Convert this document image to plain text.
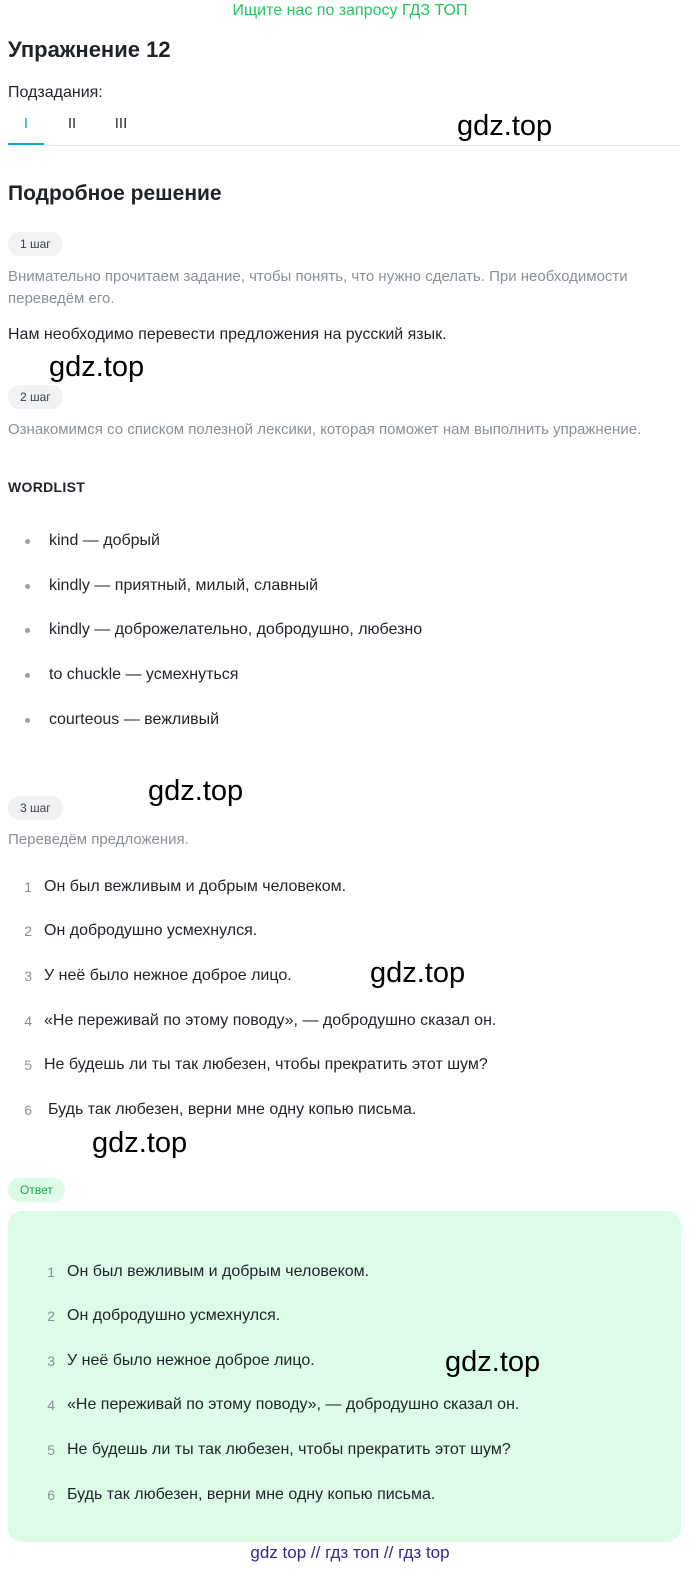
Ищите нас по запросу ГДЗ ТОП
Упражнение 12
Подзадания:
I	II	III	gdz.top
Подробное решение
1 шаг
Внимательно прочитаем задание, чтобы понять, что нужно сделать. При необходимости переведём его.
Нам необходимо перевести предложения на русский язык.
gdz.top
2 шаг
Ознакомимся со списком полезной лексики, которая поможет нам выполнить упражнение.
WORDLIST
kind — добрый
kindly — приятный, милый, славный
kindly — доброжелательно, добродушно, любезно
to chuckle — усмехнуться
courteous — вежливый
gdz.top
3 шаг
Переведём предложения.
1 Он был вежливым и добрым человеком.
2 Он добродушно усмехнулся.
3 У неё было нежное доброе лицо.
4 «Не переживай по этому поводу», — добродушно сказал он.
5 Не будешь ли ты так любезен, чтобы прекратить этот шум?
6 Будь так любезен, верни мне одну копью письма.
gdz.top
gdz.top
Ответ
1 Он был вежливым и добрым человеком.
2 Он добродушно усмехнулся.
3 У неё было нежное доброе лицо.
4 «Не переживай по этому поводу», — добродушно сказал он.
5 Не будешь ли ты так любезен, чтобы прекратить этот шум?
6 Будь так любезен, верни мне одну копью письма.
gdz.top
gdz top // гдз топ // гдз top
